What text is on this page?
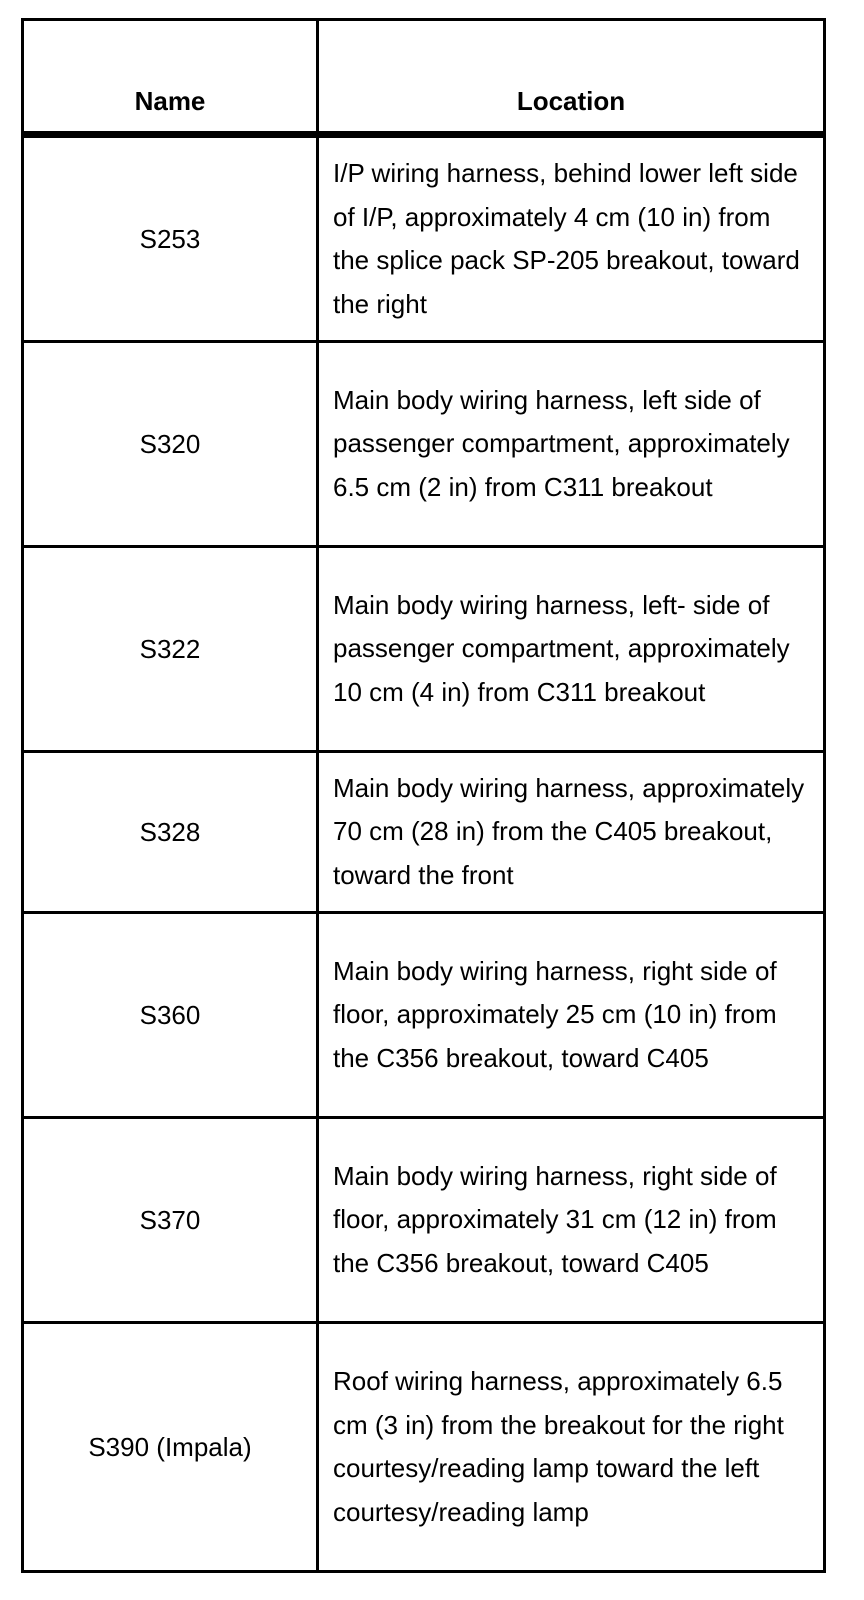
Name	Location
S253	I/P wiring harness, behind lower left side of I/P, approximately 4 cm (10 in) from the splice pack SP-205 breakout, toward the right
S320	Main body wiring harness, left side of passenger compartment, approximately 6.5 cm (2 in) from C311 breakout
S322	Main body wiring harness, left- side of passenger compartment, approximately 10 cm (4 in) from C311 breakout
S328	Main body wiring harness, approximately 70 cm (28 in) from the C405 breakout, toward the front
S360	Main body wiring harness, right side of floor, approximately 25 cm (10 in) from the C356 breakout, toward C405
S370	Main body wiring harness, right side of floor, approximately 31 cm (12 in) from the C356 breakout, toward C405
S390 (Impala)	Roof wiring harness, approximately 6.5 cm (3 in) from the breakout for the right courtesy/reading lamp toward the left courtesy/reading lamp
